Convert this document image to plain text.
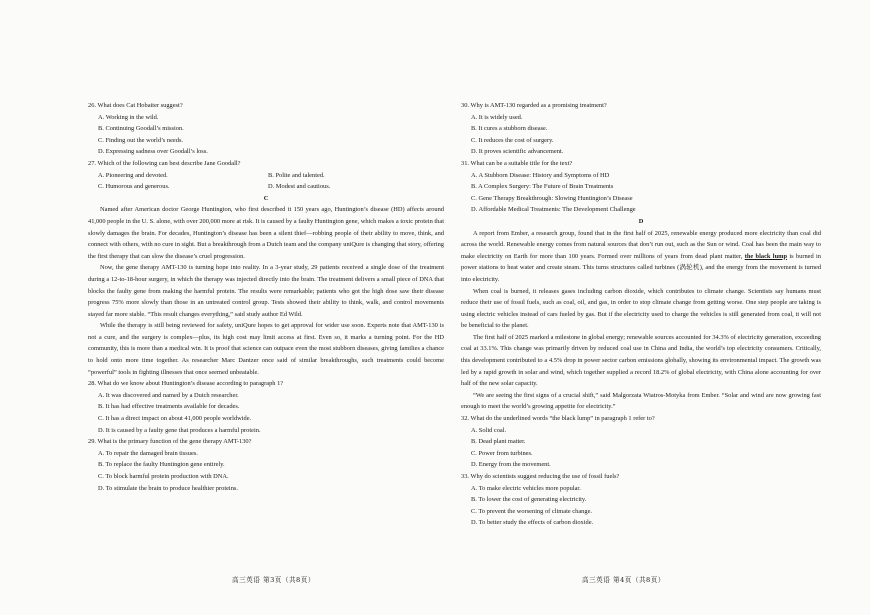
26. What does Cat Hobaiter suggest?

A. Working in the wild.

B. Continuing Goodall’s mission.

C. Finding out the world’s needs.

D. Expressing sadness over Goodall’s loss.

27. Which of the following can best describe Jane Goodall?

A. Pioneering and devoted.	B. Polite and talented.

C. Humorous and generous.	D. Modest and cautious.

C

Named after American doctor George Huntington, who first described it 150 years ago, Huntington’s disease (HD) affects around 41,000 people in the U. S. alone, with over 200,000 more at risk. It is caused by a faulty Huntington gene, which makes a toxic protein that slowly damages the brain. For decades, Huntington’s disease has been a silent thief—robbing people of their ability to move, think, and connect with others, with no cure in sight. But a breakthrough from a Dutch team and the company uniQure is changing that story, offering the first therapy that can slow the disease’s cruel progression.

Now, the gene therapy AMT-130 is turning hope into reality. In a 3-year study, 29 patients received a single dose of the treatment during a 12-to-18-hour surgery, in which the therapy was injected directly into the brain. The treatment delivers a small piece of DNA that blocks the faulty gene from making the harmful protein. The results were remarkable; patients who got the high dose saw their disease progress 75% more slowly than those in an untreated control group. Tests showed their ability to think, walk, and control movements stayed far more stable. “This result changes everything,” said study author Ed Wild.

While the therapy is still being reviewed for safety, uniQure hopes to get approval for wider use soon. Experts note that AMT-130 is not a cure, and the surgery is complex—plus, its high cost may limit access at first. Even so, it marks a turning point. For the HD community, this is more than a medical win. It is proof that science can outpace even the most stubborn diseases, giving families a chance to hold onto more time together. As researcher Marc Dantzer once said of similar breakthroughs, such treatments could become “powerful” tools in fighting illnesses that once seemed unbeatable.

28. What do we know about Huntington’s disease according to paragraph 1?

A. It was discovered and named by a Dutch researcher.

B. It has had effective treatments available for decades.

C. It has a direct impact on about 41,000 people worldwide.

D. It is caused by a faulty gene that produces a harmful protein.

29. What is the primary function of the gene therapy AMT-130?

A. To repair the damaged brain tissues.

B. To replace the faulty Huntington gene entirely.

C. To block harmful protein production with DNA.

D. To stimulate the brain to produce healthier proteins.

30. Why is AMT-130 regarded as a promising treatment?

A. It is widely used.

B. It cures a stubborn disease.

C. It reduces the cost of surgery.

D. It proves scientific advancement.

31. What can be a suitable title for the text?

A. A Stubborn Disease: History and Symptoms of HD

B. A Complex Surgery: The Future of Brain Treatments

C. Gene Therapy Breakthrough: Slowing Huntington’s Disease

D. Affordable Medical Treatments: The Development Challenge

D

A report from Ember, a research group, found that in the first half of 2025, renewable energy produced more electricity than coal did across the world. Renewable energy comes from natural sources that don’t run out, such as the Sun or wind. Coal has been the main way to make electricity on Earth for more than 100 years. Formed over millions of years from dead plant matter, the black lump is burned in power stations to heat water and create steam. This turns structures called turbines (涡轮机), and the energy from the movement is turned into electricity.

When coal is burned, it releases gases including carbon dioxide, which contributes to climate change. Scientists say humans must reduce their use of fossil fuels, such as coal, oil, and gas, in order to stop climate change from getting worse. One step people are taking is using electric vehicles instead of cars fueled by gas. But if the electricity used to charge the vehicles is still generated from coal, it will not be beneficial to the planet.

The first half of 2025 marked a milestone in global energy; renewable sources accounted for 34.3% of electricity generation, exceeding coal at 33.1%. This change was primarily driven by reduced coal use in China and India, the world’s top electricity consumers. Critically, this development contributed to a 4.5% drop in power sector carbon emissions globally, showing its environmental impact. The growth was led by a rapid growth in solar and wind, which together supplied a record 18.2% of global electricity, with China alone accounting for over half of the new solar capacity.

“We are seeing the first signs of a crucial shift,” said Malgorzata Wiatros-Motyka from Ember. “Solar and wind are now growing fast enough to meet the world’s growing appetite for electricity.”

32. What do the underlined words “the black lump” in paragraph 1 refer to?

A. Solid coal.

B. Dead plant matter.

C. Power from turbines.

D. Energy from the movement.

33. Why do scientists suggest reducing the use of fossil fuels?

A. To make electric vehicles more popular.

B. To lower the cost of generating electricity.

C. To prevent the worsening of climate change.

D. To better study the effects of carbon dioxide.

高三英语 第3页（共8页）	高三英语 第4页（共8页）
